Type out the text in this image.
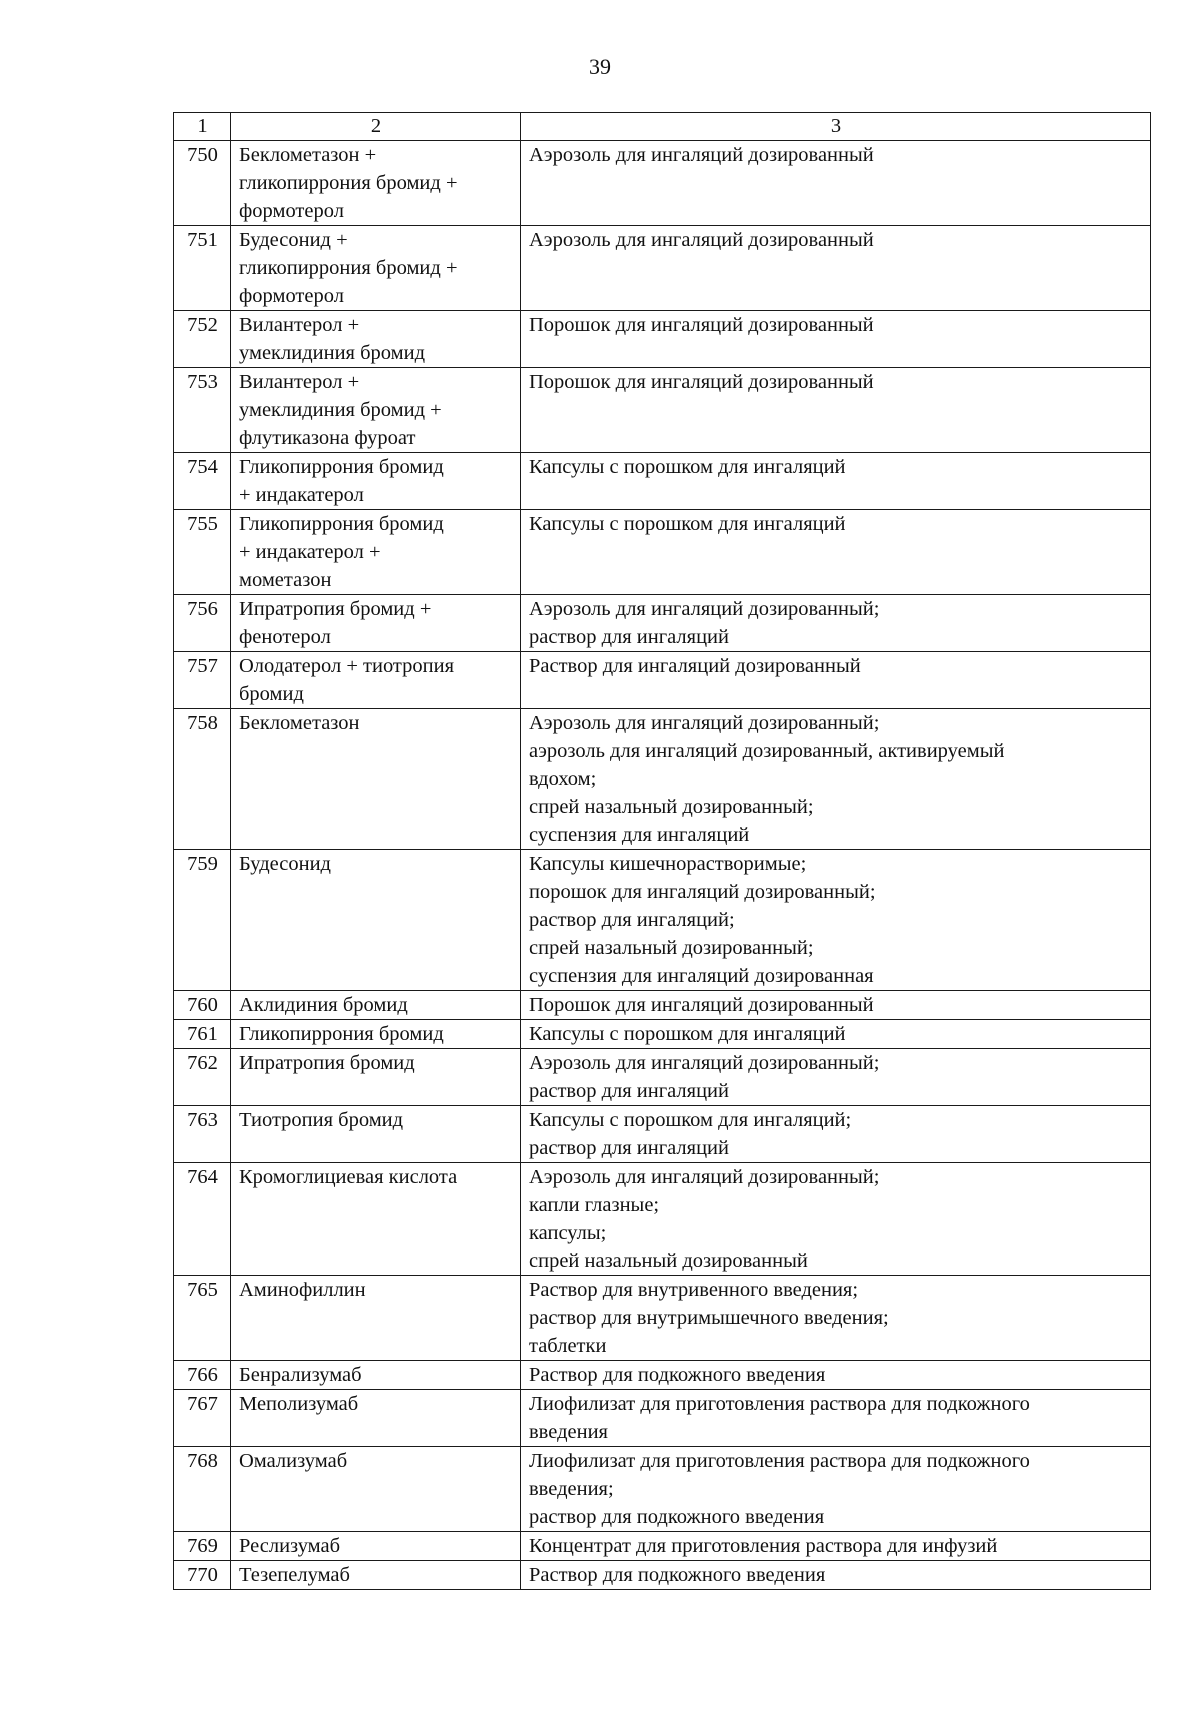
39
1	2	3
750	Беклометазон +
гликопиррония бромид +
формотерол	Аэрозоль для ингаляций дозированный

751	Будесонид +
гликопиррония бромид +
формотерол	Аэрозоль для ингаляций дозированный

752	Вилантерол +
умеклидиния бромид	Порошок для ингаляций дозированный

753	Вилантерол +
умеклидиния бромид +
флутиказона фуроат	Порошок для ингаляций дозированный

754	Гликопиррония бромид
+ индакатерол	Капсулы с порошком для ингаляций

755	Гликопиррония бромид
+ индакатерол +
мометазон	Капсулы с порошком для ингаляций

756	Ипратропия бромид +
фенотерол	Аэрозоль для ингаляций дозированный;
раствор для ингаляций

757	Олодатерол + тиотропия
бромид	Раствор для ингаляций дозированный

758	Беклометазон	Аэрозоль для ингаляций дозированный;
аэрозоль для ингаляций дозированный, активируемый
вдохом;
спрей назальный дозированный;
суспензия для ингаляций

759	Будесонид	Капсулы кишечнорастворимые;
порошок для ингаляций дозированный;
раствор для ингаляций;
спрей назальный дозированный;
суспензия для ингаляций дозированная

760	Аклидиния бромид	Порошок для ингаляций дозированный

761	Гликопиррония бромид	Капсулы с порошком для ингаляций

762	Ипратропия бромид	Аэрозоль для ингаляций дозированный;
раствор для ингаляций

763	Тиотропия бромид	Капсулы с порошком для ингаляций;
раствор для ингаляций

764	Кромоглициевая кислота	Аэрозоль для ингаляций дозированный;
капли глазные;
капсулы;
спрей назальный дозированный

765	Аминофиллин	Раствор для внутривенного введения;
раствор для внутримышечного введения;
таблетки

766	Бенрализумаб	Раствор для подкожного введения

767	Меполизумаб	Лиофилизат для приготовления раствора для подкожного
введения

768	Омализумаб	Лиофилизат для приготовления раствора для подкожного
введения;
раствор для подкожного введения

769	Реслизумаб	Концентрат для приготовления раствора для инфузий

770	Тезепелумаб	Раствор для подкожного введения
